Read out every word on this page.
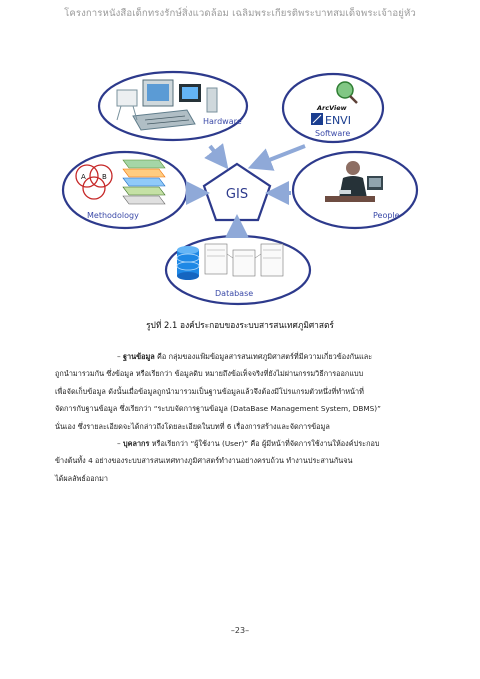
โครงการหนังสือเด็กทรงรักษ์สิ่งแวดล้อม เฉลิมพระเกียรติพระบาทสมเด็จพระเจ้าอยู่หัว
Hardware
ArcView
ENVI
Software
A B
Methodology	People
Database
GIS
รูปที่ 2.1 องค์ประกอบของระบบสารสนเทศภูมิศาสตร์

– ฐานข้อมูล คือ กลุ่มของแฟ้มข้อมูลสารสนเทศภูมิศาสตร์ที่มีความเกี่ยวข้องกันและ
ถูกนำมารวมกัน ซึ่งข้อมูล หรือเรียกว่า ข้อมูลดิบ หมายถึงข้อเท็จจริงที่ยังไม่ผ่านกรรมวิธีการออกแบบ
เพื่อจัดเก็บข้อมูล ดังนั้นเมื่อข้อมูลถูกนำมารวมเป็นฐานข้อมูลแล้วจึงต้องมีโปรแกรมตัวหนึ่งที่ทำหน้าที่
จัดการกับฐานข้อมูล ซึ่งเรียกว่า “ระบบจัดการฐานข้อมูล (DataBase Management System, DBMS)”
นั่นเอง ซึ่งรายละเอียดจะได้กล่าวถึงโดยละเอียดในบทที่ 6 เรื่องการสร้างและจัดการข้อมูล

– บุคลากร หรือเรียกว่า “ผู้ใช้งาน (User)” คือ ผู้มีหน้าที่จัดการใช้งานให้องค์ประกอบ
ข้างต้นทั้ง 4 อย่างของระบบสารสนเทศทางภูมิศาสตร์ทำงานอย่างครบถ้วน ทำงานประสานกันจน
ได้ผลลัพธ์ออกมา

–23–
